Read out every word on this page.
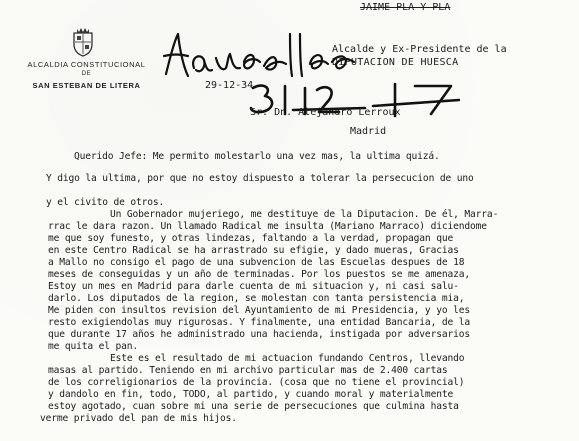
ALCALDIA CONSTITUCIONAL
DE
SAN ESTEBAN DE LITERA	29-12-34
JAIME PLA Y PLA
Alcalde y Ex-Presidente de la
DIPUTACION DE HUESCA
Sr. Dn. Alejandro Lerroux
Madrid
Querido Jefe: Me permito molestarlo una vez mas, la ultima quizá.
Y digo la ultima, por que no estoy dispuesto a tolerar la persecucion de uno
y el civito de otros.
Un Gobernador mujeriego, me destituye de la Diputacion. De él, Marra-
rrac le dara razon. Un llamado Radical me insulta (Mariano Marraco) diciendome
me que soy funesto, y otras lindezas, faltando a la verdad, propagan que
en este Centro Radical se ha arrastrado su efigie, y dado mueras, Gracias
a Mallo no consigo el pago de una subvencion de las Escuelas despues de 18
meses de conseguidas y un año de terminadas. Por los puestos se me amenaza,
Estoy un mes en Madrid para darle cuenta de mi situacion y, ni casi salu-
darlo. Los diputados de la region, se molestan con tanta persistencia mia,
Me piden con insultos revision del Ayuntamiento de mi Presidencia, y yo les
resto exigiendolas muy rigurosas. Y finalmente, una entidad Bancaria, de la
que durante 17 años he administrado una hacienda, instigada por adversarios
me quita el pan.
Este es el resultado de mi actuacion fundando Centros, llevando
masas al partido. Teniendo en mi archivo particular mas de 2.400 cartas
de los correligionarios de la provincia. (cosa que no tiene el provincial)
y dandolo en fin, todo, TODO, al partido, y cuando moral y materialmente
estoy agotado, cuan sobre mi una serie de persecuciones que culmina hasta
verme privado del pan de mis hijos.
